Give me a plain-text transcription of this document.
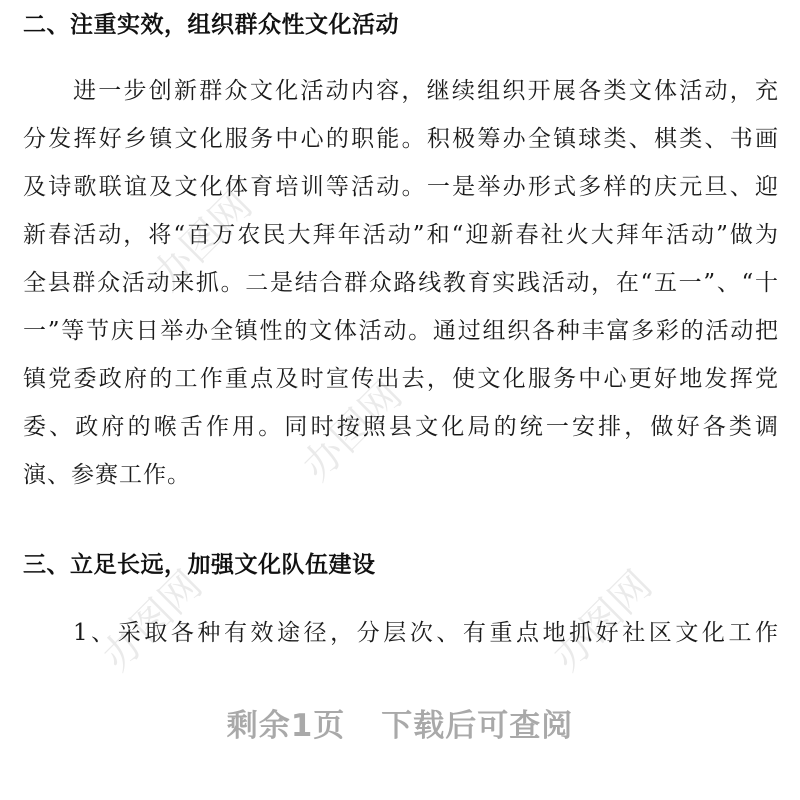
办图网
办图网
办图网	办图网
二、注重实效，组织群众性文化活动
进一步创新群众文化活动内容，继续组织开展各类文体活动，充
分发挥好乡镇文化服务中心的职能。积极筹办全镇球类、棋类、书画
及诗歌联谊及文化体育培训等活动。一是举办形式多样的庆元旦、迎
新春活动，将“百万农民大拜年活动”和“迎新春社火大拜年活动”做为
全县群众活动来抓。二是结合群众路线教育实践活动，在“五一”、“十
一”等节庆日举办全镇性的文体活动。通过组织各种丰富多彩的活动把
镇党委政府的工作重点及时宣传出去，使文化服务中心更好地发挥党
委、政府的喉舌作用。同时按照县文化局的统一安排，做好各类调
演、参赛工作。
三、立足长远，加强文化队伍建设
1、采取各种有效途径，分层次、有重点地抓好社区文化工作
剩余1页 下载后可查阅
